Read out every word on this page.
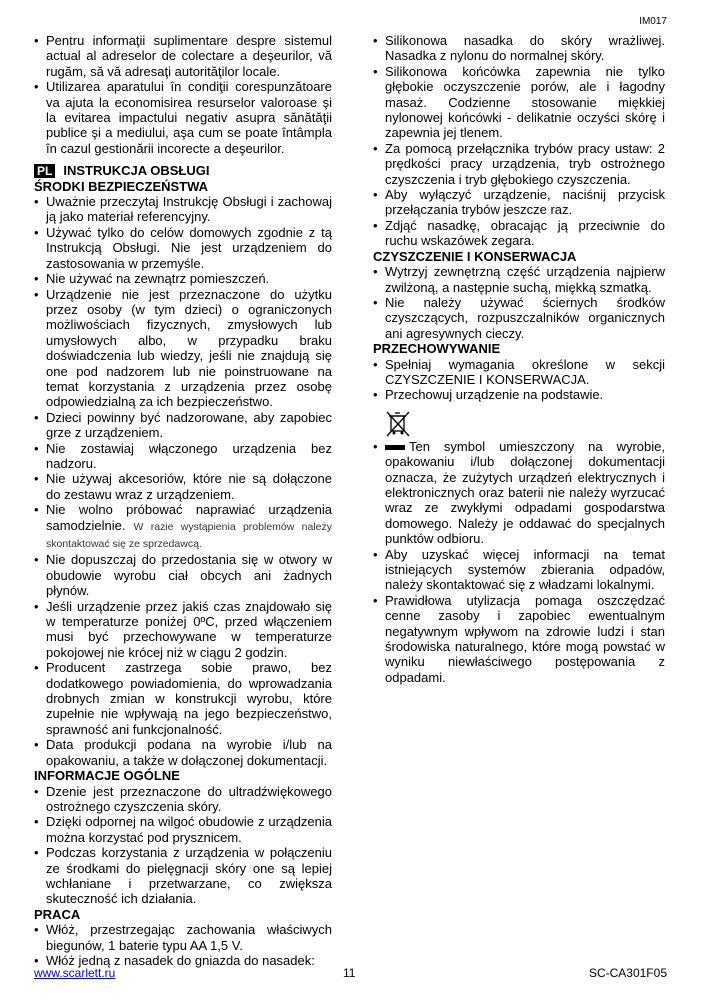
IM017
• Pentru informaţii suplimentare despre sistemul actual al adreselor de colectare a deşeurilor, vă rugăm, să vă adresaţi autorităţilor locale.
• Utilizarea aparatului în condiţii corespunzătoare va ajuta la economisirea resurselor valoroase şi la evitarea impactului negativ asupra sănătăţii publice şi a mediului, aşa cum se poate întâmpla în cazul gestionării incorecte a deşeurilor.
PL INSTRUKCJA OBSŁUGI

ŚRODKI BEZPIECZEŃSTWA

• Uważnie przeczytaj Instrukcję Obsługi i zachowaj ją jako materiał referencyjny.
• Używać tylko do celów domowych zgodnie z tą Instrukcją Obsługi. Nie jest urządzeniem do zastosowania w przemyśle.
• Nie używać na zewnątrz pomieszczeń.
• Urządzenie nie jest przeznaczone do użytku przez osoby (w tym dzieci) o ograniczonych możliwościach fizycznych, zmysłowych lub umysłowych albo, w przypadku braku doświadczenia lub wiedzy, jeśli nie znajdują się one pod nadzorem lub nie poinstruowane na temat korzystania z urządzenia przez osobę odpowiedzialną za ich bezpieczeństwo.
• Dzieci powinny być nadzorowane, aby zapobiec grze z urządzeniem.
• Nie zostawiaj włączonego urządzenia bez nadzoru.
• Nie używaj akcesoriów, które nie są dołączone do zestawu wraz z urządzeniem.
• Nie wolno próbować naprawiać urządzenia samodzielnie. W razie wystąpienia problemów należy skontaktować się ze sprzedawcą.
• Nie dopuszczaj do przedostania się w otwory w obudowie wyrobu ciał obcych ani żadnych płynów.
• Jeśli urządzenie przez jakiś czas znajdowało się w temperaturze poniżej 0ºC, przed włączeniem musi być przechowywane w temperaturze pokojowej nie krócej niż w ciągu 2 godzin.
• Producent zastrzega sobie prawo, bez dodatkowego powiadomienia, do wprowadzania drobnych zmian w konstrukcji wyrobu, które zupełnie nie wpływają na jego bezpieczeństwo, sprawność ani funkcjonalność.
• Data produkcji podana na wyrobie i/lub na opakowaniu, a także w dołączonej dokumentacji.

INFORMACJE OGÓLNE

• Dzenie jest przeznaczone do ultradźwiękowego ostrożnego czyszczenia skóry.
• Dzięki odpornej na wilgoć obudowie z urządzenia można korzystać pod prysznicem.
• Podczas korzystania z urządzenia w połączeniu ze środkami do pielęgnacji skóry one są lepiej wchłaniane i przetwarzane, co zwiększa skuteczność ich działania.

PRACA

• Włóż, przestrzegając zachowania właściwych biegunów, 1 baterie typu AA 1,5 V.
• Włóż jedną z nasadek do gniazda do nasadek:
• Silikonowa nasadka do skóry wrażliwej. Nasadka z nylonu do normalnej skóry.
• Silikonowa końcówka zapewnia nie tylko głębokie oczyszczenie porów, ale i łagodny masaż. Codzienne stosowanie miękkiej nylonowej końcówki - delikatnie oczyści skórę i zapewnia jej tlenem.
• Za pomocą przełącznika trybów pracy ustaw: 2 prędkości pracy urządzenia, tryb ostrożnego czyszczenia i tryb głębokiego czyszczenia.
• Aby wyłączyć urządzenie, naciśnij przycisk przełączania trybów jeszcze raz.
• Zdjąć nasadkę, obracając ją przeciwnie do ruchu wskazówek zegara.

CZYSZCZENIE I KONSERWACJA

• Wytrzyj zewnętrzną część urządzenia najpierw zwilżoną, a następnie suchą, miękką szmatką.
• Nie należy używać ściernych środków czyszczących, rozpuszczalników organicznych ani agresywnych cieczy.

PRZECHOWYWANIE

• Spełniaj wymagania określone w sekcji CZYSZCZENIE I KONSERWACJA.
• Przechowuj urządzenie na podstawie.
• Ten symbol umieszczony na wyrobie, opakowaniu i/lub dołączonej dokumentacji oznacza, że zużytych urządzeń elektrycznych i elektronicznych oraz baterii nie należy wyrzucać wraz ze zwykłymi odpadami gospodarstwa domowego. Należy je oddawać do specjalnych punktów odbioru.
• Aby uzyskać więcej informacji na temat istniejących systemów zbierania odpadów, należy skontaktować się z władzami lokalnymi.
• Prawidłowa utylizacja pomaga oszczędzać cenne zasoby i zapobiec ewentualnym negatywnym wpływom na zdrowie ludzi i stan środowiska naturalnego, które mogą powstać w wyniku niewłaściwego postępowania z odpadami.
www.scarlett.ru	11	SC-CA301F05
